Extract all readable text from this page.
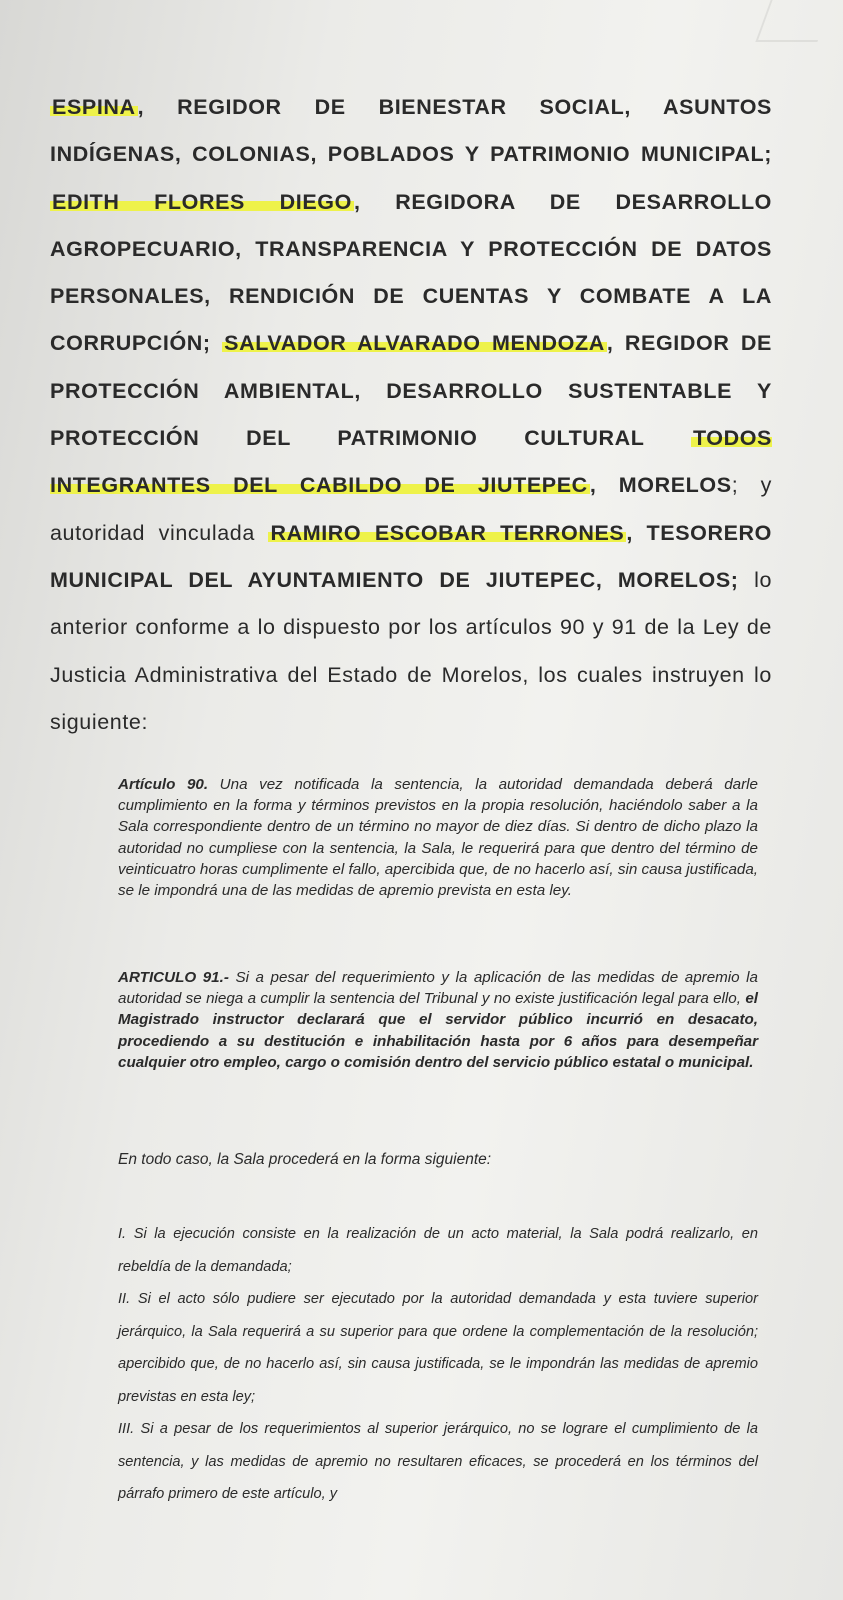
ESPINA, REGIDOR DE BIENESTAR SOCIAL, ASUNTOS INDÍGENAS, COLONIAS, POBLADOS Y PATRIMONIO MUNICIPAL; EDITH FLORES DIEGO, REGIDORA DE DESARROLLO AGROPECUARIO, TRANSPARENCIA Y PROTECCIÓN DE DATOS PERSONALES, RENDICIÓN DE CUENTAS Y COMBATE A LA CORRUPCIÓN; SALVADOR ALVARADO MENDOZA, REGIDOR DE PROTECCIÓN AMBIENTAL, DESARROLLO SUSTENTABLE Y PROTECCIÓN DEL PATRIMONIO CULTURAL TODOS INTEGRANTES DEL CABILDO DE JIUTEPEC, MORELOS; y autoridad vinculada RAMIRO ESCOBAR TERRONES, TESORERO MUNICIPAL DEL AYUNTAMIENTO DE JIUTEPEC, MORELOS; lo anterior conforme a lo dispuesto por los artículos 90 y 91 de la Ley de Justicia Administrativa del Estado de Morelos, los cuales instruyen lo siguiente:
Artículo 90. Una vez notificada la sentencia, la autoridad demandada deberá darle cumplimiento en la forma y términos previstos en la propia resolución, haciéndolo saber a la Sala correspondiente dentro de un término no mayor de diez días. Si dentro de dicho plazo la autoridad no cumpliese con la sentencia, la Sala, le requerirá para que dentro del término de veinticuatro horas cumplimente el fallo, apercibida que, de no hacerlo así, sin causa justificada, se le impondrá una de las medidas de apremio prevista en esta ley.
ARTICULO 91.- Si a pesar del requerimiento y la aplicación de las medidas de apremio la autoridad se niega a cumplir la sentencia del Tribunal y no existe justificación legal para ello, el Magistrado instructor declarará que el servidor público incurrió en desacato, procediendo a su destitución e inhabilitación hasta por 6 años para desempeñar cualquier otro empleo, cargo o comisión dentro del servicio público estatal o municipal.
En todo caso, la Sala procederá en la forma siguiente:

I. Si la ejecución consiste en la realización de un acto material, la Sala podrá realizarlo, en rebeldía de la demandada;

II. Si el acto sólo pudiere ser ejecutado por la autoridad demandada y esta tuviere superior jerárquico, la Sala requerirá a su superior para que ordene la complementación de la resolución; apercibido que, de no hacerlo así, sin causa justificada, se le impondrán las medidas de apremio previstas en esta ley;

III. Si a pesar de los requerimientos al superior jerárquico, no se lograre el cumplimiento de la sentencia, y las medidas de apremio no resultaren eficaces, se procederá en los términos del párrafo primero de este artículo, y
